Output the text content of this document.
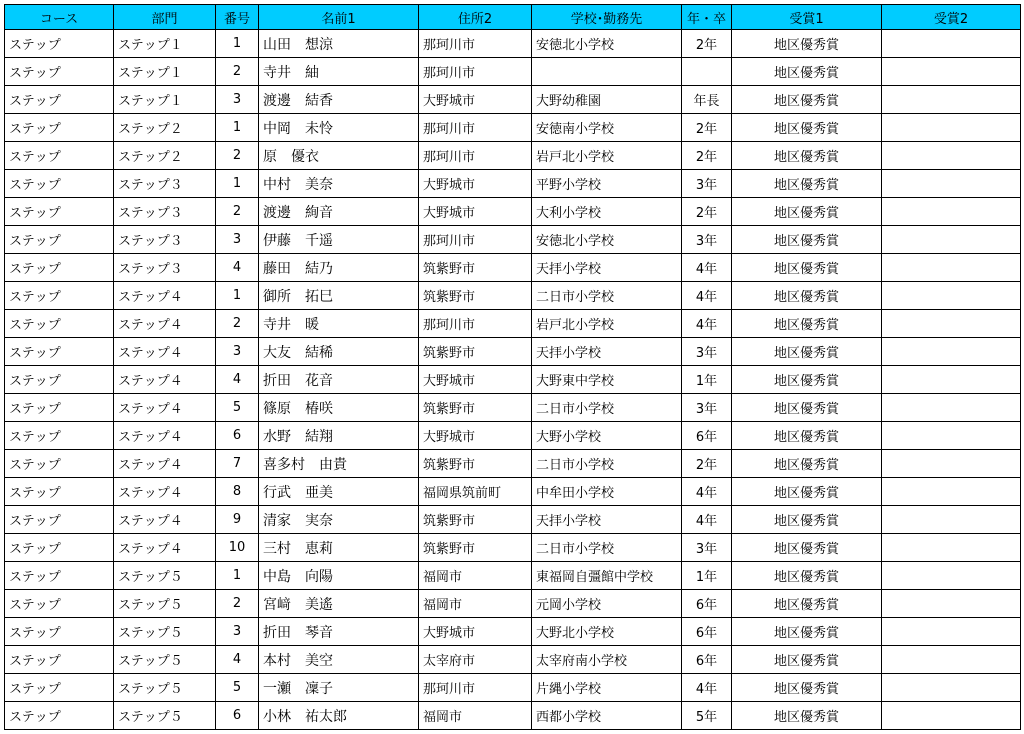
コース	部門	番号	名前1	住所2	学校･勤務先	年・卒	受賞1	受賞2
ステップ	ステップ１	1	山田　想涼	那珂川市	安徳北小学校	2年	地区優秀賞	
ステップ	ステップ１	2	寺井　紬	那珂川市			地区優秀賞	
ステップ	ステップ１	3	渡邊　結香	大野城市	大野幼稚園	年長	地区優秀賞	
ステップ	ステップ２	1	中岡　未怜	那珂川市	安徳南小学校	2年	地区優秀賞	
ステップ	ステップ２	2	原　優衣	那珂川市	岩戸北小学校	2年	地区優秀賞	
ステップ	ステップ３	1	中村　美奈	大野城市	平野小学校	3年	地区優秀賞	
ステップ	ステップ３	2	渡邊　絢音	大野城市	大利小学校	2年	地区優秀賞	
ステップ	ステップ３	3	伊藤　千遥	那珂川市	安徳北小学校	3年	地区優秀賞	
ステップ	ステップ３	4	藤田　結乃	筑紫野市	天拝小学校	4年	地区優秀賞	
ステップ	ステップ４	1	御所　拓巳	筑紫野市	二日市小学校	4年	地区優秀賞	
ステップ	ステップ４	2	寺井　暖	那珂川市	岩戸北小学校	4年	地区優秀賞	
ステップ	ステップ４	3	大友　結稀	筑紫野市	天拝小学校	3年	地区優秀賞	
ステップ	ステップ４	4	折田　花音	大野城市	大野東中学校	1年	地区優秀賞	
ステップ	ステップ４	5	篠原　椿咲	筑紫野市	二日市小学校	3年	地区優秀賞	
ステップ	ステップ４	6	水野　結翔	大野城市	大野小学校	6年	地区優秀賞	
ステップ	ステップ４	7	喜多村　由貴	筑紫野市	二日市小学校	2年	地区優秀賞	
ステップ	ステップ４	8	行武　亜美	福岡県筑前町	中牟田小学校	4年	地区優秀賞	
ステップ	ステップ４	9	清家　実奈	筑紫野市	天拝小学校	4年	地区優秀賞	
ステップ	ステップ４	10	三村　恵莉	筑紫野市	二日市小学校	3年	地区優秀賞	
ステップ	ステップ５	1	中島　向陽	福岡市	東福岡自彊館中学校	1年	地区優秀賞	
ステップ	ステップ５	2	宮﨑　美遙	福岡市	元岡小学校	6年	地区優秀賞	
ステップ	ステップ５	3	折田　琴音	大野城市	大野北小学校	6年	地区優秀賞	
ステップ	ステップ５	4	本村　美空	太宰府市	太宰府南小学校	6年	地区優秀賞	
ステップ	ステップ５	5	一瀬　凜子	那珂川市	片縄小学校	4年	地区優秀賞	
ステップ	ステップ５	6	小林　祐太郎	福岡市	西都小学校	5年	地区優秀賞	
